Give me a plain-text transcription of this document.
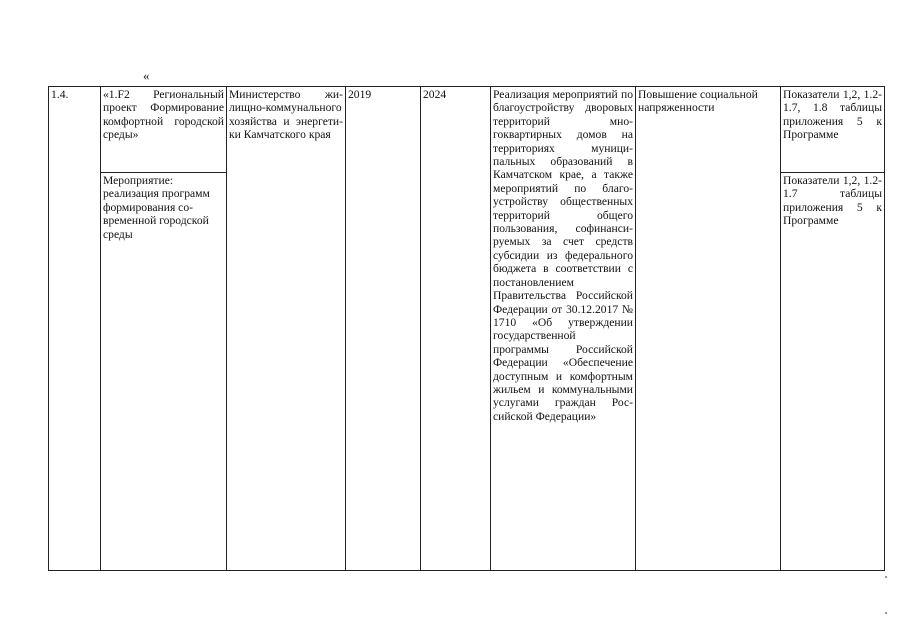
«
1.4.	«1.F2 Региональный проект Формирование комфортной городской среды»	Министерство жилищно-коммунального хозяйства и энергетики Камчатского края	2019	2024	Реализация мероприятий по благоустройству дворовых территорий многоквартирных домов на территориях муниципальных образований в Камчатском крае, а также мероприятий по благоустройству общественных территорий общего пользования, софинансируемых за счет средств субсидии из федерального бюджета в соответствии с постановлением Правительства Российской Федерации от 30.12.2017 № 1710 «Об утверждении государственной программы Российской Федерации «Обеспечение доступным и комфортным жильем и коммунальными услугами граждан Российской Федерации»	Повышение социальной напряженности	Показатели 1,2, 1.2-1.7, 1.8 таблицы приложения 5 к Программе
	Мероприятие: реализация программ формирования современной городской среды						Показатели 1,2, 1.2-1.7 таблицы приложения 5 к Программе
